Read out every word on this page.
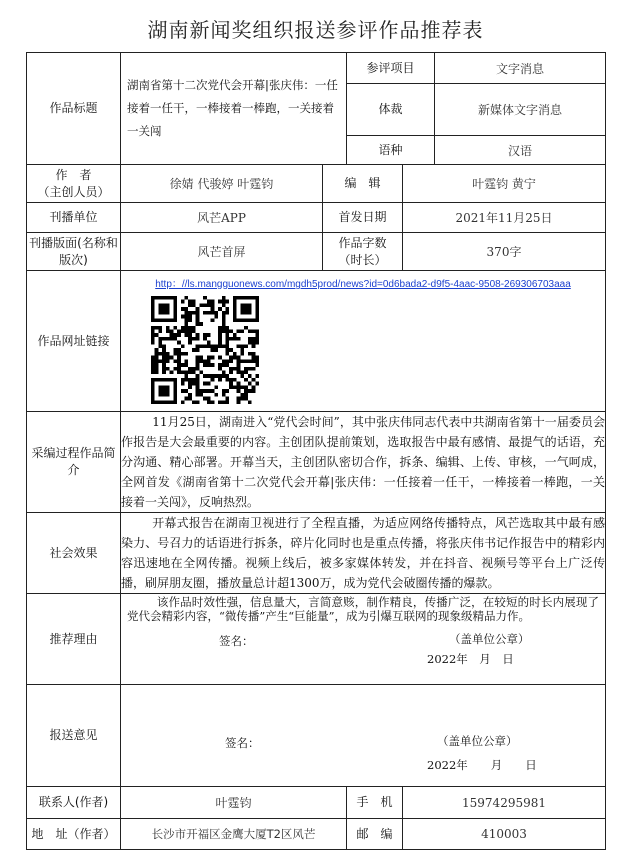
湖南新闻奖组织报送参评作品推荐表
作品标题	湖南省第十二次党代会开幕|张庆伟：一任接着一任干，一棒接着一棒跑，一关接着一关闯		参评项目		文字消息
			体裁		新媒体文字消息
			语种		汉语

作　者
（主创人员）	徐婧 代骏婷 叶霆钧	编　辑		叶霆钧 黄宁	
刊播单位	风芒APP	首发日期		2021年11月25日	
刊播版面(名称和版次)	风芒首屏	作品字数
（时长）		370字	
作品网址链接	http：//ls.mangguonews.com/mgdh5prod/news?id=0d6bada2-d9f5-4aac-9508-269306703aaa				

采编过程作品简介	11月25日，湖南进入“党代会时间”，其中张庆伟同志代表中共湖南省第十一届委员会作报告是大会最重要的内容。主创团队提前策划，选取报告中最有感情、最提气的话语，充分沟通、精心部署。开幕当天，主创团队密切合作，拆条、编辑、上传、审核，一气呵成，全网首发《湖南省第十二次党代会开幕|张庆伟：一任接着一任干，一棒接着一棒跑，一关接着一关闯》，反响热烈。				
社会效果	开幕式报告在湖南卫视进行了全程直播，为适应网络传播特点，风芒选取其中最有感染力、号召力的话语进行拆条，碎片化同时也是重点传播，将张庆伟书记作报告中的精彩内容迅速地在全网传播。视频上线后，被多家媒体转发，并在抖音、视频号等平台上广泛传播，刷屏朋友圈，播放量总计超1300万，成为党代会破圈传播的爆款。				
推荐理由	该作品时效性强，信息量大，言简意赅，制作精良，传播广泛，在较短的时长内展现了党代会精彩内容，“微传播”产生“巨能量”，成为引爆互联网的现象级精品力作。
签名： （盖单位公章）
2022年　月　日				

报送意见	签名： （盖单位公章）
2022年　　月　　日				

联系人(作者)	叶霆钧		手　机	15974295981	
地　址（作者）	长沙市开福区金鹰大厦T2区风芒		邮　编	410003	
